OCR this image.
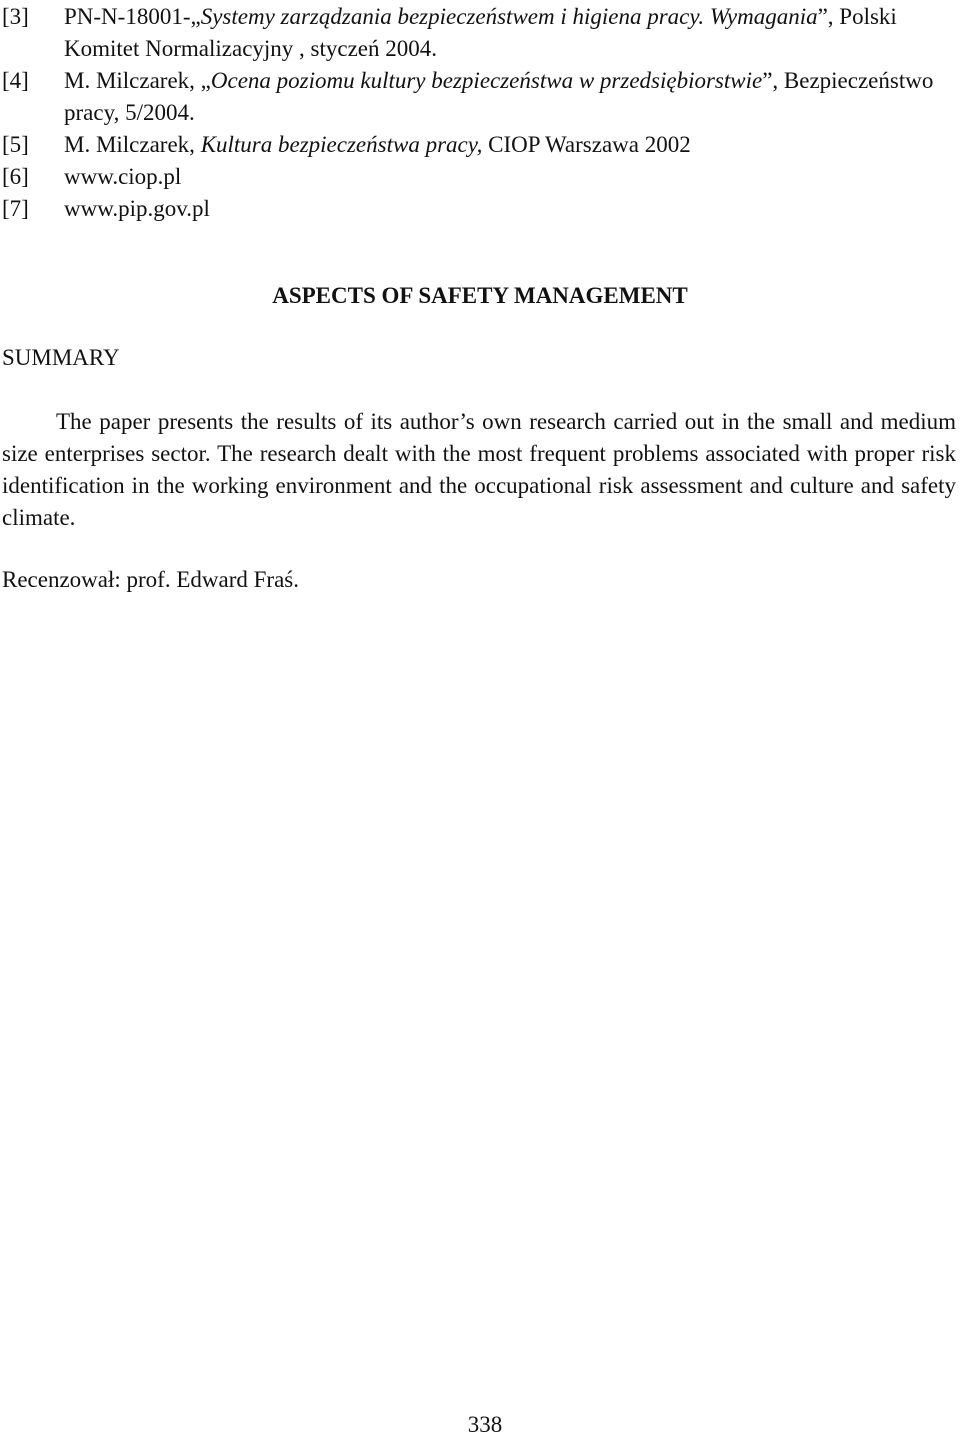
[3] PN-N-18001-„Systemy zarządzania bezpieczeństwem i higiena pracy. Wymagania”, Polski Komitet Normalizacyjny , styczeń 2004.
[4] M. Milczarek, „Ocena poziomu kultury bezpieczeństwa w przedsiębiorstwie”, Bezpieczeństwo pracy, 5/2004.
[5] M. Milczarek, Kultura bezpieczeństwa pracy, CIOP Warszawa 2002
[6] www.ciop.pl
[7] www.pip.gov.pl
ASPECTS OF SAFETY MANAGEMENT

SUMMARY

The paper presents the results of its author’s own research carried out in the small and medium size enterprises sector. The research dealt with the most frequent problems associated with proper risk identification in the working environment and the occupational risk assessment and culture and safety climate.

Recenzował: prof. Edward Fraś.

338
